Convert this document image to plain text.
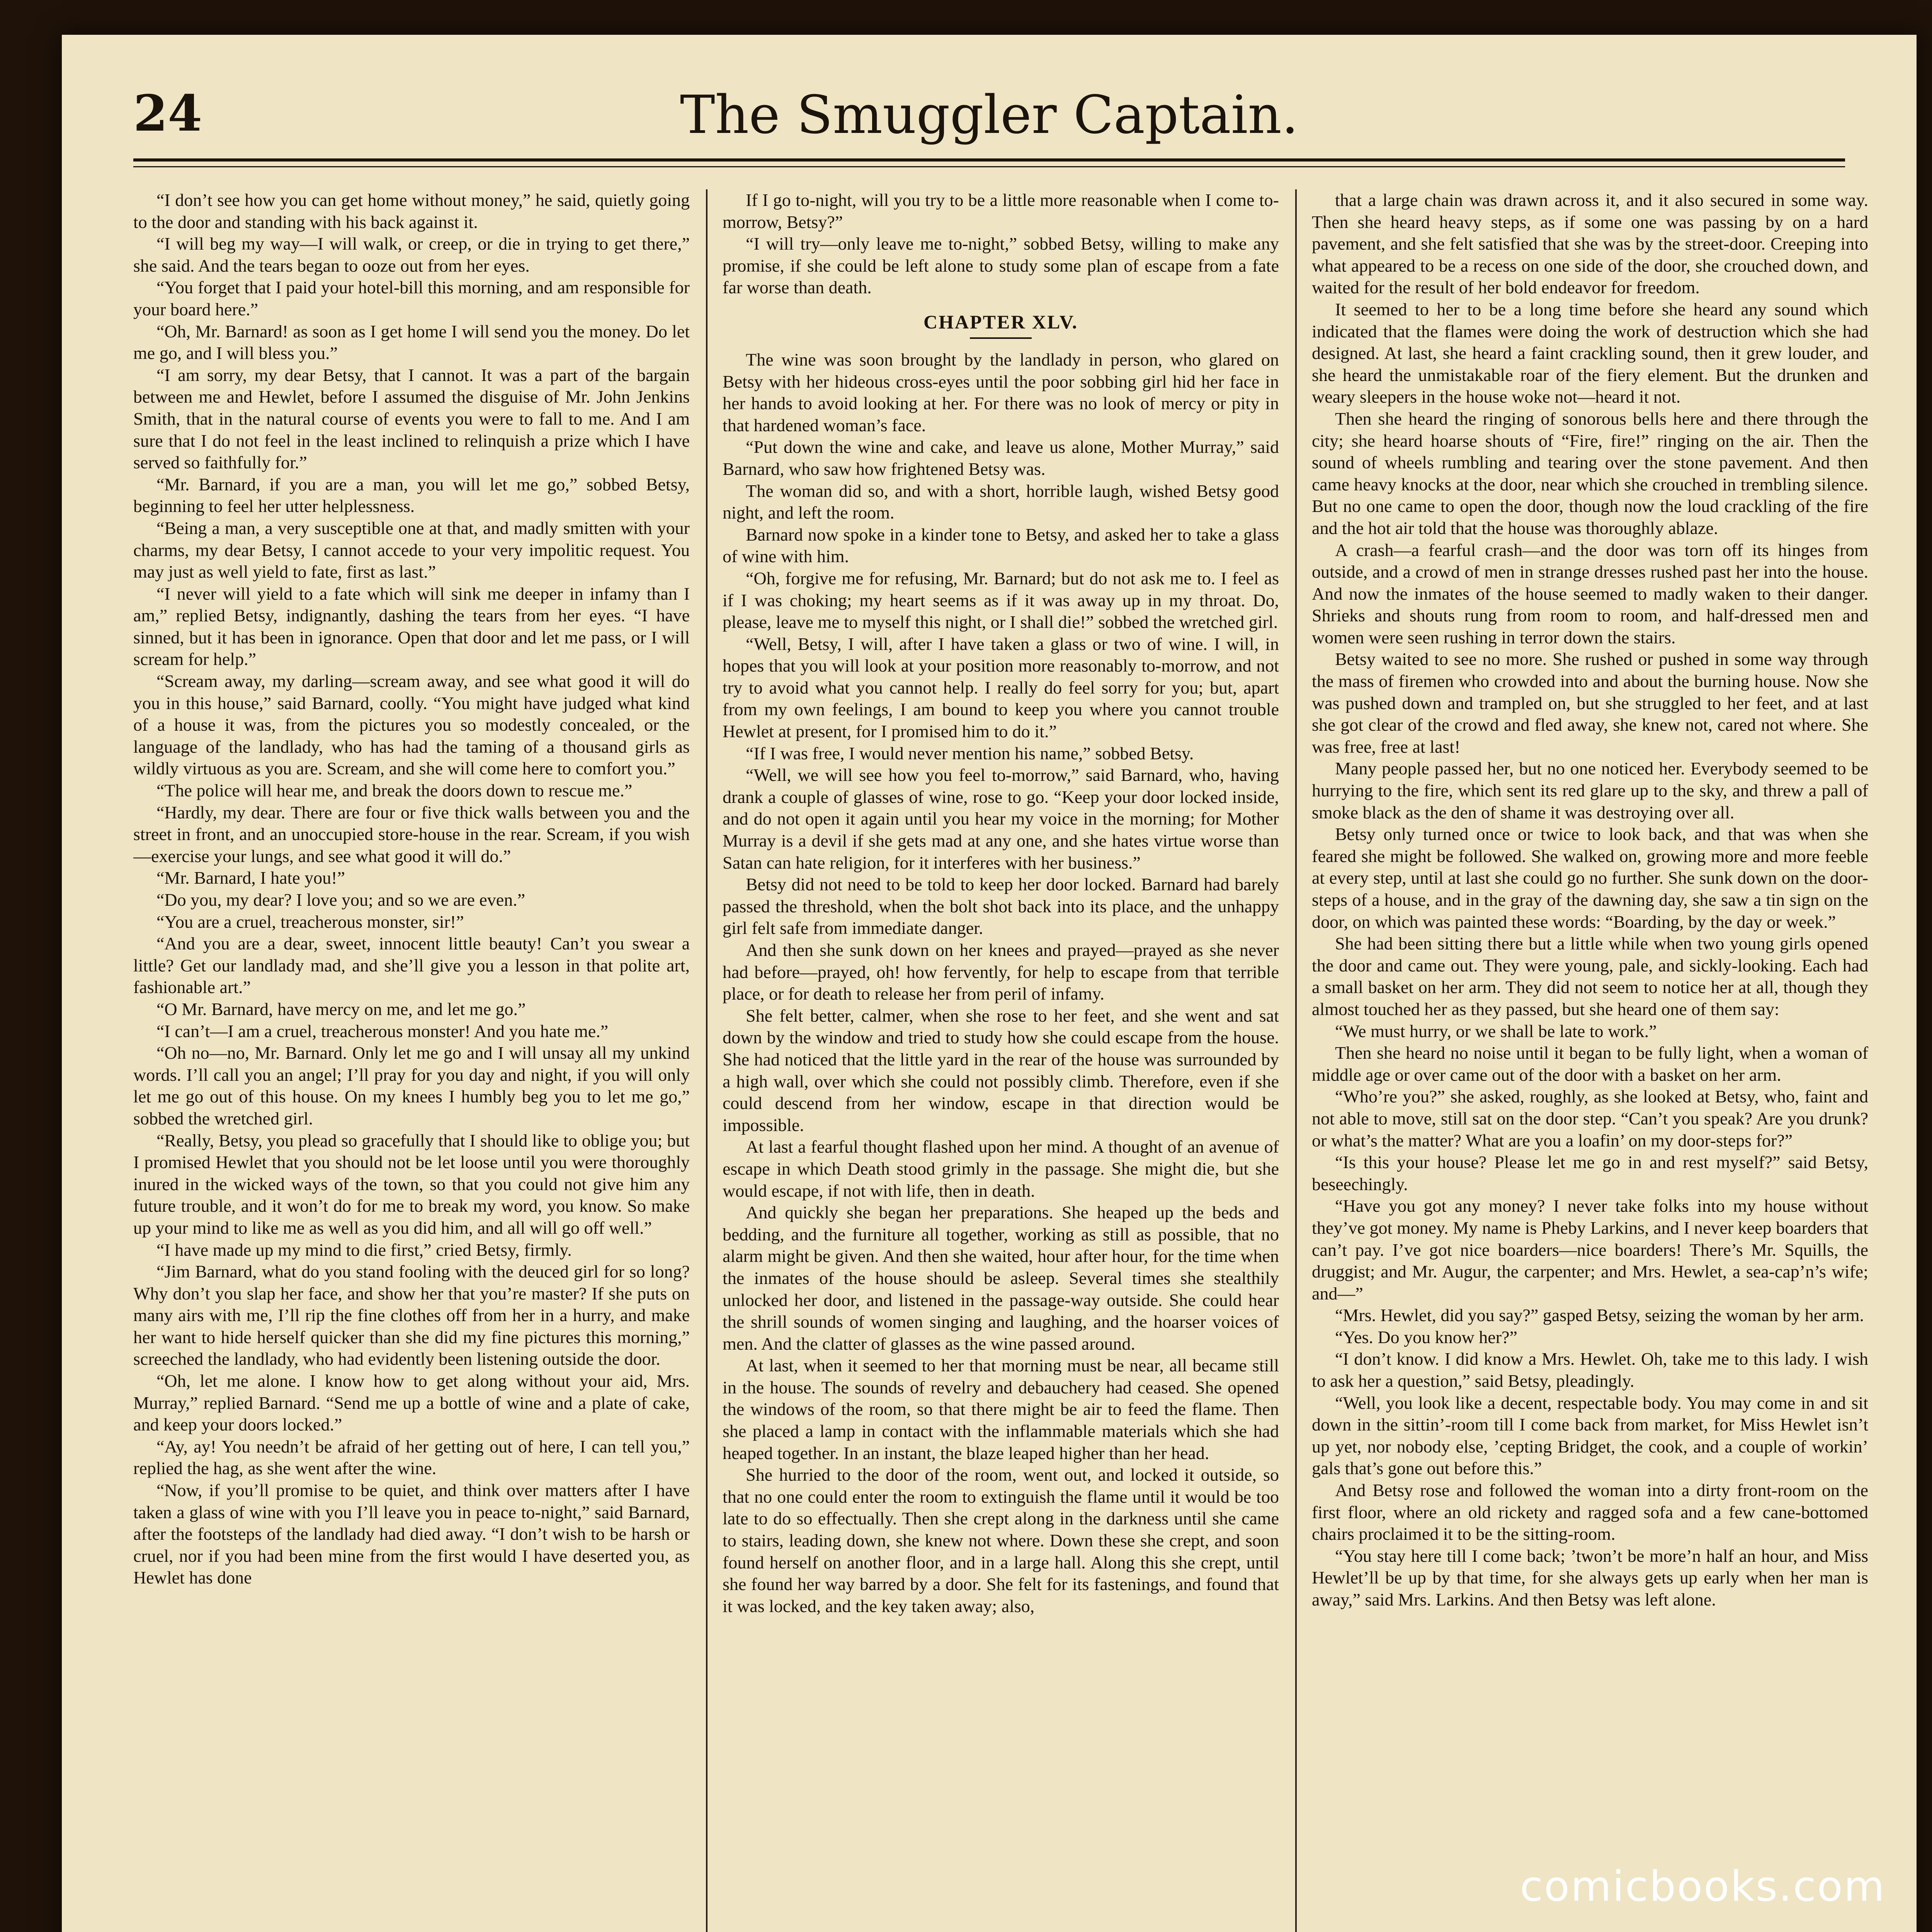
24	The Smuggler Captain.

“I don’t see how you can get home without money,” he said, quietly going to the door and standing with his back against it.

“I will beg my way—I will walk, or creep, or die in trying to get there,” she said. And the tears began to ooze out from her eyes.

“You forget that I paid your hotel-bill this morning, and am responsible for your board here.”

“Oh, Mr. Barnard! as soon as I get home I will send you the money. Do let me go, and I will bless you.”

“I am sorry, my dear Betsy, that I cannot. It was a part of the bargain between me and Hewlet, before I assumed the disguise of Mr. John Jenkins Smith, that in the natural course of events you were to fall to me. And I am sure that I do not feel in the least inclined to relinquish a prize which I have served so faithfully for.”

“Mr. Barnard, if you are a man, you will let me go,” sobbed Betsy, beginning to feel her utter helplessness.

“Being a man, a very susceptible one at that, and madly smitten with your charms, my dear Betsy, I cannot accede to your very impolitic request. You may just as well yield to fate, first as last.”

“I never will yield to a fate which will sink me deeper in infamy than I am,” replied Betsy, indignantly, dashing the tears from her eyes. “I have sinned, but it has been in ignorance. Open that door and let me pass, or I will scream for help.”

“Scream away, my darling—scream away, and see what good it will do you in this house,” said Barnard, coolly. “You might have judged what kind of a house it was, from the pictures you so modestly concealed, or the language of the landlady, who has had the taming of a thousand girls as wildly virtuous as you are. Scream, and she will come here to comfort you.”

“The police will hear me, and break the doors down to rescue me.”

“Hardly, my dear. There are four or five thick walls between you and the street in front, and an unoccupied store-house in the rear. Scream, if you wish—exercise your lungs, and see what good it will do.”

“Mr. Barnard, I hate you!”

“Do you, my dear? I love you; and so we are even.”

“You are a cruel, treacherous monster, sir!”

“And you are a dear, sweet, innocent little beauty! Can’t you swear a little? Get our landlady mad, and she’ll give you a lesson in that polite art, fashionable art.”

“O Mr. Barnard, have mercy on me, and let me go.”

“I can’t—I am a cruel, treacherous monster! And you hate me.”

“Oh no—no, Mr. Barnard. Only let me go and I will unsay all my unkind words. I’ll call you an angel; I’ll pray for you day and night, if you will only let me go out of this house. On my knees I humbly beg you to let me go,” sobbed the wretched girl.

“Really, Betsy, you plead so gracefully that I should like to oblige you; but I promised Hewlet that you should not be let loose until you were thoroughly inured in the wicked ways of the town, so that you could not give him any future trouble, and it won’t do for me to break my word, you know. So make up your mind to like me as well as you did him, and all will go off well.”

“I have made up my mind to die first,” cried Betsy, firmly.

“Jim Barnard, what do you stand fooling with the deuced girl for so long? Why don’t you slap her face, and show her that you’re master? If she puts on many airs with me, I’ll rip the fine clothes off from her in a hurry, and make her want to hide herself quicker than she did my fine pictures this morning,” screeched the landlady, who had evidently been listening outside the door.

“Oh, let me alone. I know how to get along without your aid, Mrs. Murray,” replied Barnard. “Send me up a bottle of wine and a plate of cake, and keep your doors locked.”

“Ay, ay! You needn’t be afraid of her getting out of here, I can tell you,” replied the hag, as she went after the wine.

“Now, if you’ll promise to be quiet, and think over matters after I have taken a glass of wine with you I’ll leave you in peace to-night,” said Barnard, after the footsteps of the landlady had died away. “I don’t wish to be harsh or cruel, nor if you had been mine from the first would I have deserted you, as Hewlet has done

If I go to-night, will you try to be a little more reasonable when I come to-morrow, Betsy?”

“I will try—only leave me to-night,” sobbed Betsy, willing to make any promise, if she could be left alone to study some plan of escape from a fate far worse than death.

CHAPTER XLV.

The wine was soon brought by the landlady in person, who glared on Betsy with her hideous cross-eyes until the poor sobbing girl hid her face in her hands to avoid looking at her. For there was no look of mercy or pity in that hardened woman’s face.

“Put down the wine and cake, and leave us alone, Mother Murray,” said Barnard, who saw how frightened Betsy was.

The woman did so, and with a short, horrible laugh, wished Betsy good night, and left the room.

Barnard now spoke in a kinder tone to Betsy, and asked her to take a glass of wine with him.

“Oh, forgive me for refusing, Mr. Barnard; but do not ask me to. I feel as if I was choking; my heart seems as if it was away up in my throat. Do, please, leave me to myself this night, or I shall die!” sobbed the wretched girl.

“Well, Betsy, I will, after I have taken a glass or two of wine. I will, in hopes that you will look at your position more reasonably to-morrow, and not try to avoid what you cannot help. I really do feel sorry for you; but, apart from my own feelings, I am bound to keep you where you cannot trouble Hewlet at present, for I promised him to do it.”

“If I was free, I would never mention his name,” sobbed Betsy.

“Well, we will see how you feel to-morrow,” said Barnard, who, having drank a couple of glasses of wine, rose to go. “Keep your door locked inside, and do not open it again until you hear my voice in the morning; for Mother Murray is a devil if she gets mad at any one, and she hates virtue worse than Satan can hate religion, for it interferes with her business.”

Betsy did not need to be told to keep her door locked. Barnard had barely passed the threshold, when the bolt shot back into its place, and the unhappy girl felt safe from immediate danger.

And then she sunk down on her knees and prayed—prayed as she never had before—prayed, oh! how fervently, for help to escape from that terrible place, or for death to release her from peril of infamy.

She felt better, calmer, when she rose to her feet, and she went and sat down by the window and tried to study how she could escape from the house. She had noticed that the little yard in the rear of the house was surrounded by a high wall, over which she could not possibly climb. Therefore, even if she could descend from her window, escape in that direction would be impossible.

At last a fearful thought flashed upon her mind. A thought of an avenue of escape in which Death stood grimly in the passage. She might die, but she would escape, if not with life, then in death.

And quickly she began her preparations. She heaped up the beds and bedding, and the furniture all together, working as still as possible, that no alarm might be given. And then she waited, hour after hour, for the time when the inmates of the house should be asleep. Several times she stealthily unlocked her door, and listened in the passage-way outside. She could hear the shrill sounds of women singing and laughing, and the hoarser voices of men. And the clatter of glasses as the wine passed around.

At last, when it seemed to her that morning must be near, all became still in the house. The sounds of revelry and debauchery had ceased. She opened the windows of the room, so that there might be air to feed the flame. Then she placed a lamp in contact with the inflammable materials which she had heaped together. In an instant, the blaze leaped higher than her head.

She hurried to the door of the room, went out, and locked it outside, so that no one could enter the room to extinguish the flame until it would be too late to do so effectually. Then she crept along in the darkness until she came to stairs, leading down, she knew not where. Down these she crept, and soon found herself on another floor, and in a large hall. Along this she crept, until she found her way barred by a door. She felt for its fastenings, and found that it was locked, and the key taken away; also,

that a large chain was drawn across it, and it also secured in some way. Then she heard heavy steps, as if some one was passing by on a hard pavement, and she felt satisfied that she was by the street-door. Creeping into what appeared to be a recess on one side of the door, she crouched down, and waited for the result of her bold endeavor for freedom.

It seemed to her to be a long time before she heard any sound which indicated that the flames were doing the work of destruction which she had designed. At last, she heard a faint crackling sound, then it grew louder, and she heard the unmistakable roar of the fiery element. But the drunken and weary sleepers in the house woke not—heard it not.

Then she heard the ringing of sonorous bells here and there through the city; she heard hoarse shouts of “Fire, fire!” ringing on the air. Then the sound of wheels rumbling and tearing over the stone pavement. And then came heavy knocks at the door, near which she crouched in trembling silence. But no one came to open the door, though now the loud crackling of the fire and the hot air told that the house was thoroughly ablaze.

A crash—a fearful crash—and the door was torn off its hinges from outside, and a crowd of men in strange dresses rushed past her into the house. And now the inmates of the house seemed to madly waken to their danger. Shrieks and shouts rung from room to room, and half-dressed men and women were seen rushing in terror down the stairs.

Betsy waited to see no more. She rushed or pushed in some way through the mass of firemen who crowded into and about the burning house. Now she was pushed down and trampled on, but she struggled to her feet, and at last she got clear of the crowd and fled away, she knew not, cared not where. She was free, free at last!

Many people passed her, but no one noticed her. Everybody seemed to be hurrying to the fire, which sent its red glare up to the sky, and threw a pall of smoke black as the den of shame it was destroying over all.

Betsy only turned once or twice to look back, and that was when she feared she might be followed. She walked on, growing more and more feeble at every step, until at last she could go no further. She sunk down on the door-steps of a house, and in the gray of the dawning day, she saw a tin sign on the door, on which was painted these words: “Boarding, by the day or week.”

She had been sitting there but a little while when two young girls opened the door and came out. They were young, pale, and sickly-looking. Each had a small basket on her arm. They did not seem to notice her at all, though they almost touched her as they passed, but she heard one of them say:

“We must hurry, or we shall be late to work.”

Then she heard no noise until it began to be fully light, when a woman of middle age or over came out of the door with a basket on her arm.

“Who’re you?” she asked, roughly, as she looked at Betsy, who, faint and not able to move, still sat on the door step. “Can’t you speak? Are you drunk? or what’s the matter? What are you a loafin’ on my door-steps for?”

“Is this your house? Please let me go in and rest myself?” said Betsy, beseechingly.

“Have you got any money? I never take folks into my house without they’ve got money. My name is Pheby Larkins, and I never keep boarders that can’t pay. I’ve got nice boarders—nice boarders! There’s Mr. Squills, the druggist; and Mr. Augur, the carpenter; and Mrs. Hewlet, a sea-cap’n’s wife; and—”

“Mrs. Hewlet, did you say?” gasped Betsy, seizing the woman by her arm.

“Yes. Do you know her?”

“I don’t know. I did know a Mrs. Hewlet. Oh, take me to this lady. I wish to ask her a question,” said Betsy, pleadingly.

“Well, you look like a decent, respectable body. You may come in and sit down in the sittin’-room till I come back from market, for Miss Hewlet isn’t up yet, nor nobody else, ’cepting Bridget, the cook, and a couple of workin’ gals that’s gone out before this.”

And Betsy rose and followed the woman into a dirty front-room on the first floor, where an old rickety and ragged sofa and a few cane-bottomed chairs proclaimed it to be the sitting-room.

“You stay here till I come back; ’twon’t be more’n half an hour, and Miss Hewlet’ll be up by that time, for she always gets up early when her man is away,” said Mrs. Larkins. And then Betsy was left alone.

comicbooks.com
